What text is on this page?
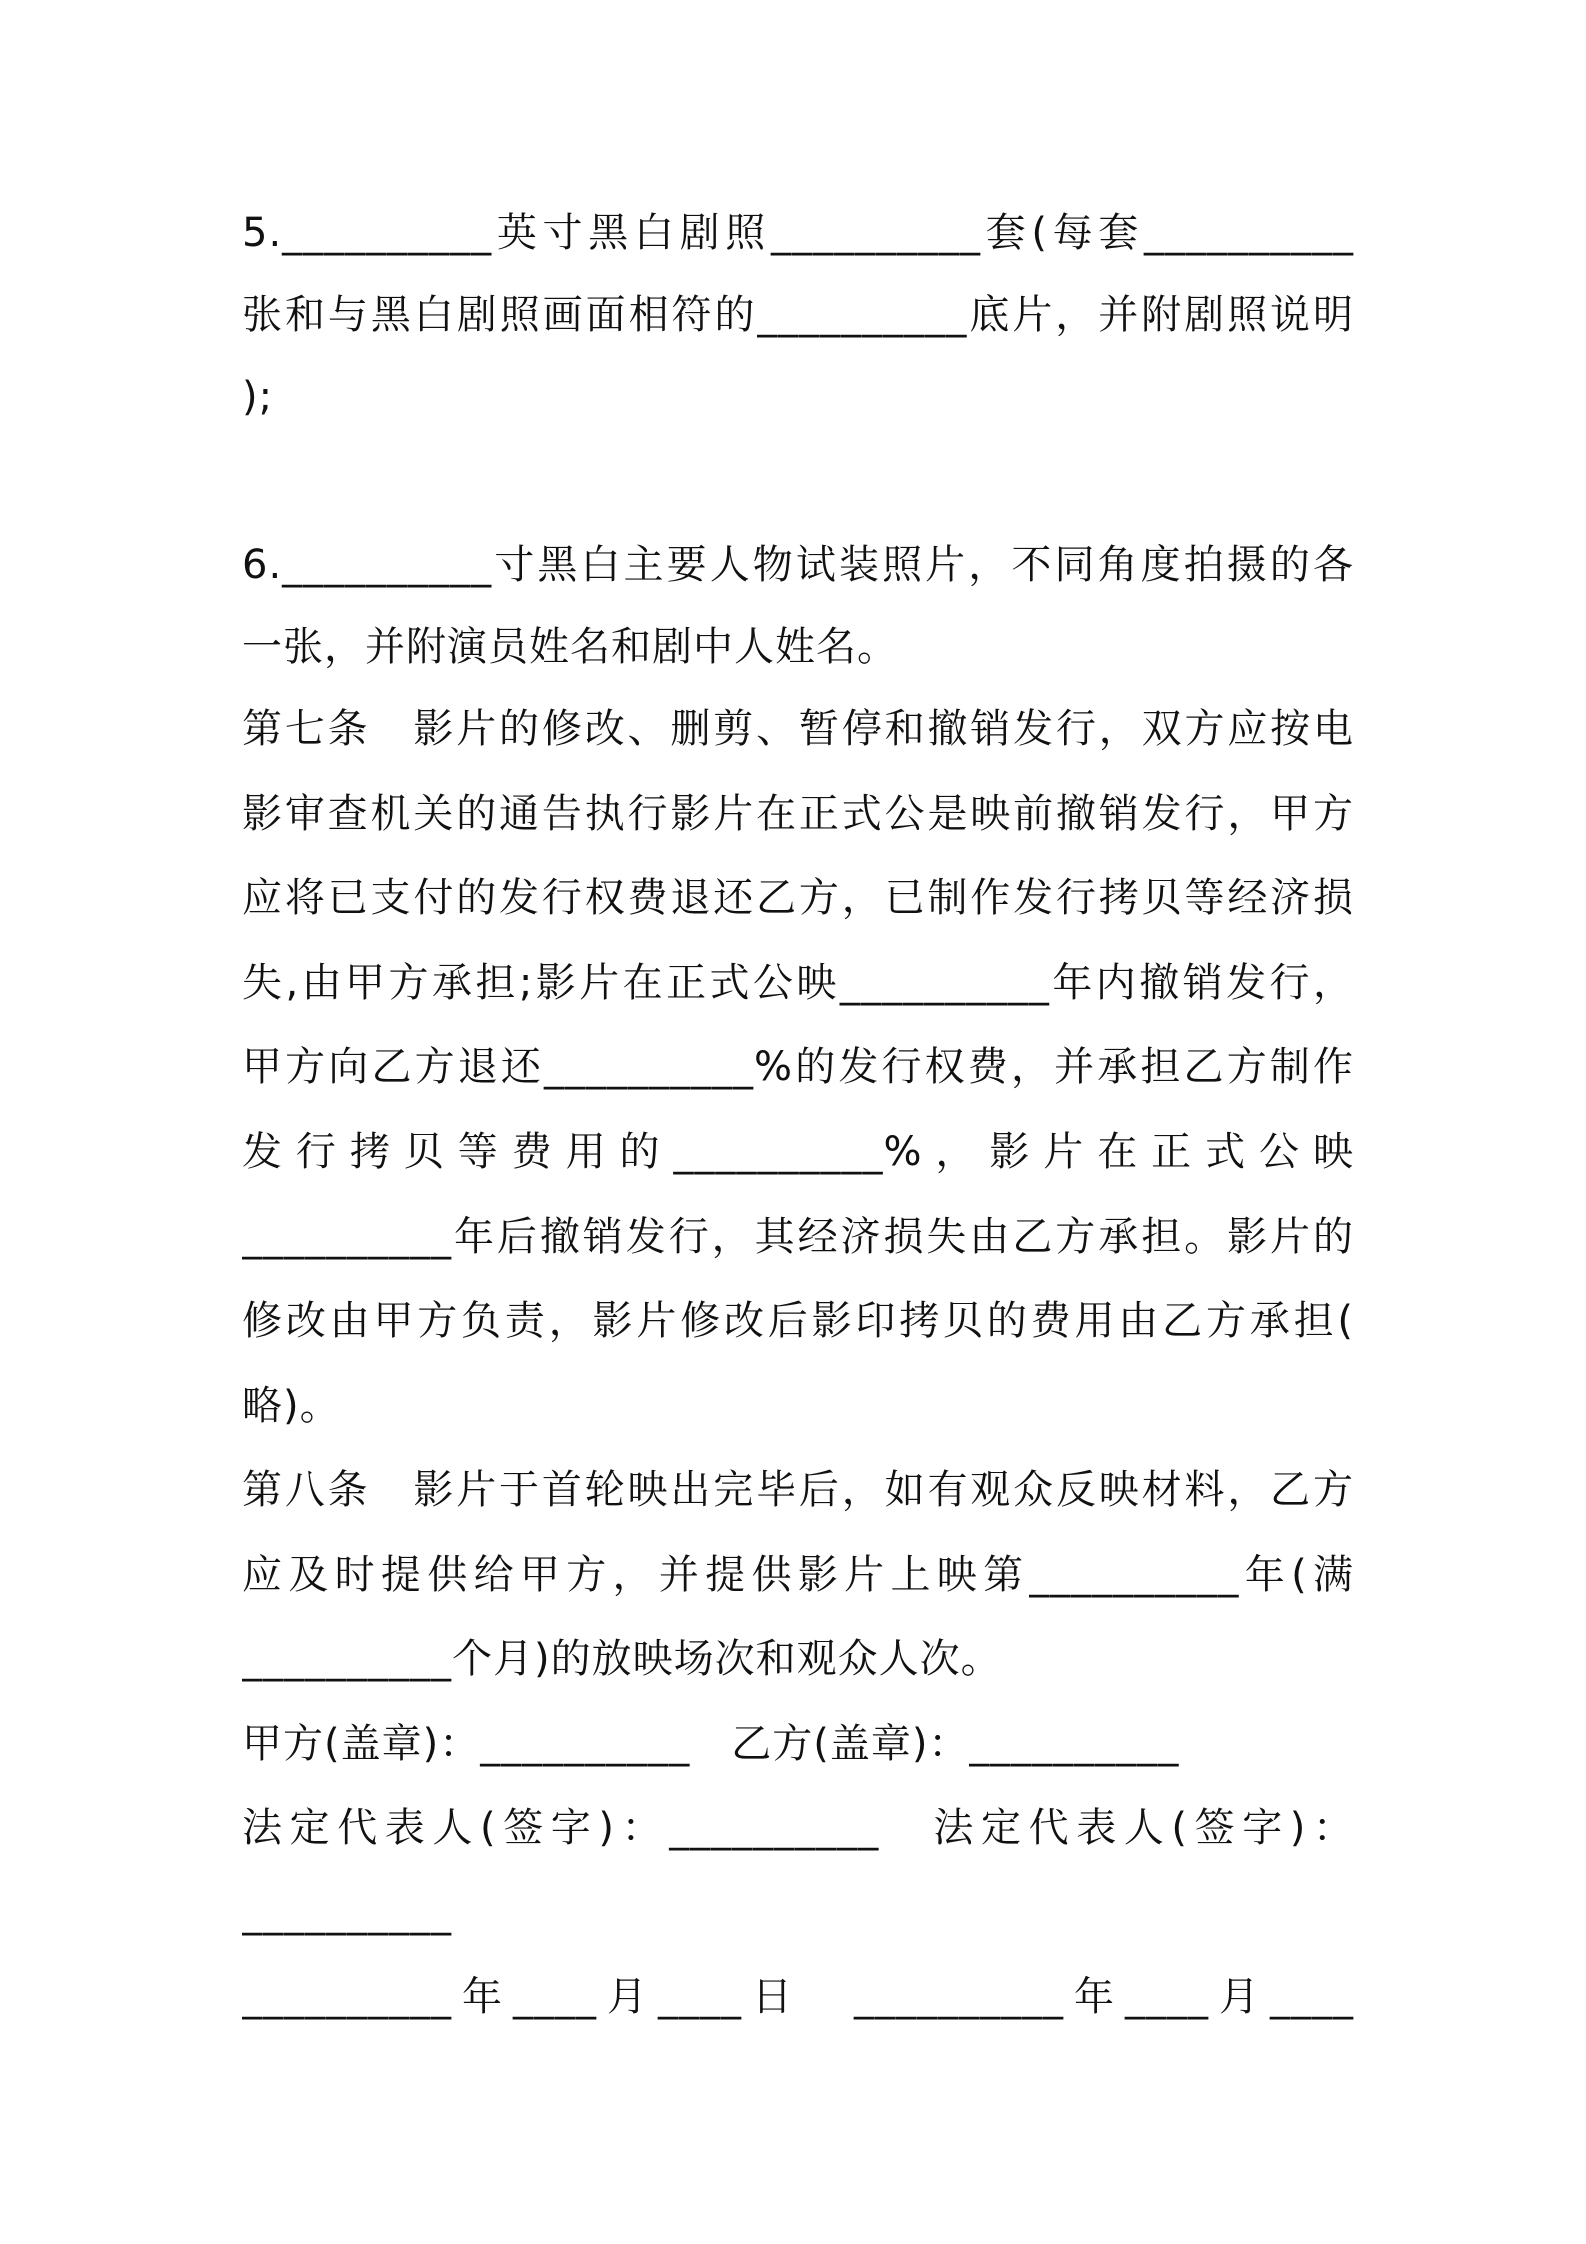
5.__________英寸黑白剧照__________套(每套__________
张和与黑白剧照画面相符的__________底片，并附剧照说明
);
6.__________寸黑白主要人物试装照片，不同角度拍摄的各
一张，并附演员姓名和剧中人姓名。
第七条　影片的修改、删剪、暂停和撤销发行，双方应按电
影审查机关的通告执行影片在正式公是映前撤销发行，甲方
应将已支付的发行权费退还乙方，已制作发行拷贝等经济损
失,由甲方承担;影片在正式公映__________年内撤销发行，
甲方向乙方退还__________%的发行权费，并承担乙方制作
发行拷贝等费用的__________%，影片在正式公映
__________年后撤销发行，其经济损失由乙方承担。影片的
修改由甲方负责，影片修改后影印拷贝的费用由乙方承担(
略)。
第八条　影片于首轮映出完毕后，如有观众反映材料，乙方
应及时提供给甲方，并提供影片上映第__________年(满
__________个月)的放映场次和观众人次。
甲方(盖章)：__________　乙方(盖章)：__________
法定代表人(签字)：__________　法定代表人(签字)：
__________
__________年____月____日　__________年____月____
